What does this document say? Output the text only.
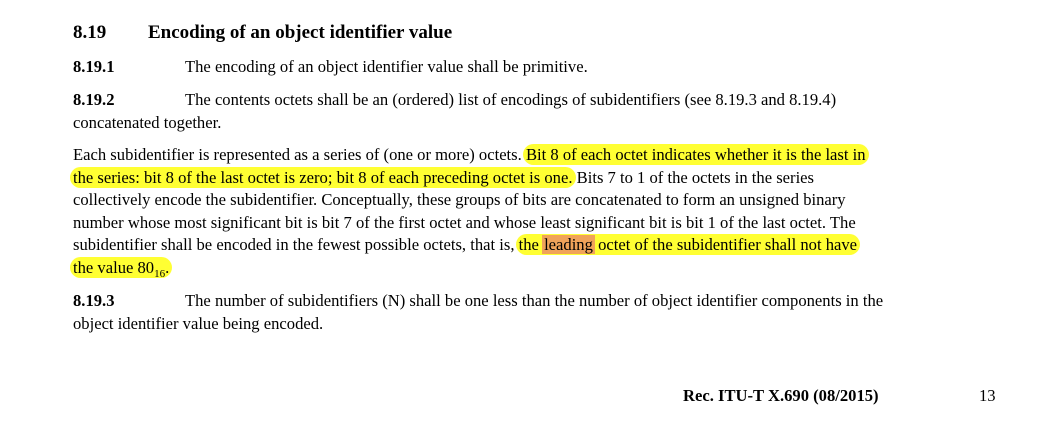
8.19 Encoding of an object identifier value
8.19.1	The encoding of an object identifier value shall be primitive.
8.19.2	The contents octets shall be an (ordered) list of encodings of subidentifiers (see 8.19.3 and 8.19.4)
concatenated together.
Each subidentifier is represented as a series of (one or more) octets. Bit 8 of each octet indicates whether it is the last in
the series: bit 8 of the last octet is zero; bit 8 of each preceding octet is one. Bits 7 to 1 of the octets in the series
collectively encode the subidentifier. Conceptually, these groups of bits are concatenated to form an unsigned binary
number whose most significant bit is bit 7 of the first octet and whose least significant bit is bit 1 of the last octet. The
subidentifier shall be encoded in the fewest possible octets, that is, the leading octet of the subidentifier shall not have
the value $80_{16}$.
8.19.3	The number of subidentifiers (N) shall be one less than the number of object identifier components in the
object identifier value being encoded.
Rec. ITU-T X.690 (08/2015)	13
